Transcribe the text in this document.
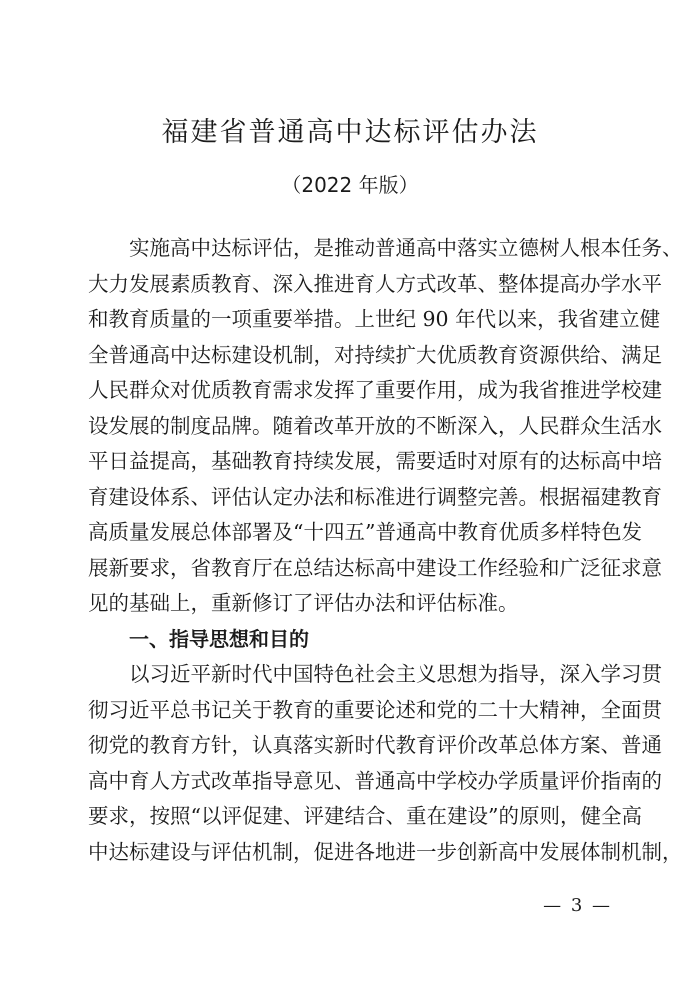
福建省普通高中达标评估办法
（2022 年版）
实施高中达标评估，是推动普通高中落实立德树人根本任务、
大力发展素质教育、深入推进育人方式改革、整体提高办学水平
和教育质量的一项重要举措。上世纪 90 年代以来，我省建立健
全普通高中达标建设机制，对持续扩大优质教育资源供给、满足
人民群众对优质教育需求发挥了重要作用，成为我省推进学校建
设发展的制度品牌。随着改革开放的不断深入，人民群众生活水
平日益提高，基础教育持续发展，需要适时对原有的达标高中培
育建设体系、评估认定办法和标准进行调整完善。根据福建教育
高质量发展总体部署及“十四五”普通高中教育优质多样特色发
展新要求，省教育厅在总结达标高中建设工作经验和广泛征求意
见的基础上，重新修订了评估办法和评估标准。
一、指导思想和目的
以习近平新时代中国特色社会主义思想为指导，深入学习贯
彻习近平总书记关于教育的重要论述和党的二十大精神，全面贯
彻党的教育方针，认真落实新时代教育评价改革总体方案、普通
高中育人方式改革指导意见、普通高中学校办学质量评价指南的
要求，按照“以评促建、评建结合、重在建设”的原则，健全高
中达标建设与评估机制，促进各地进一步创新高中发展体制机制，
— 3 —
